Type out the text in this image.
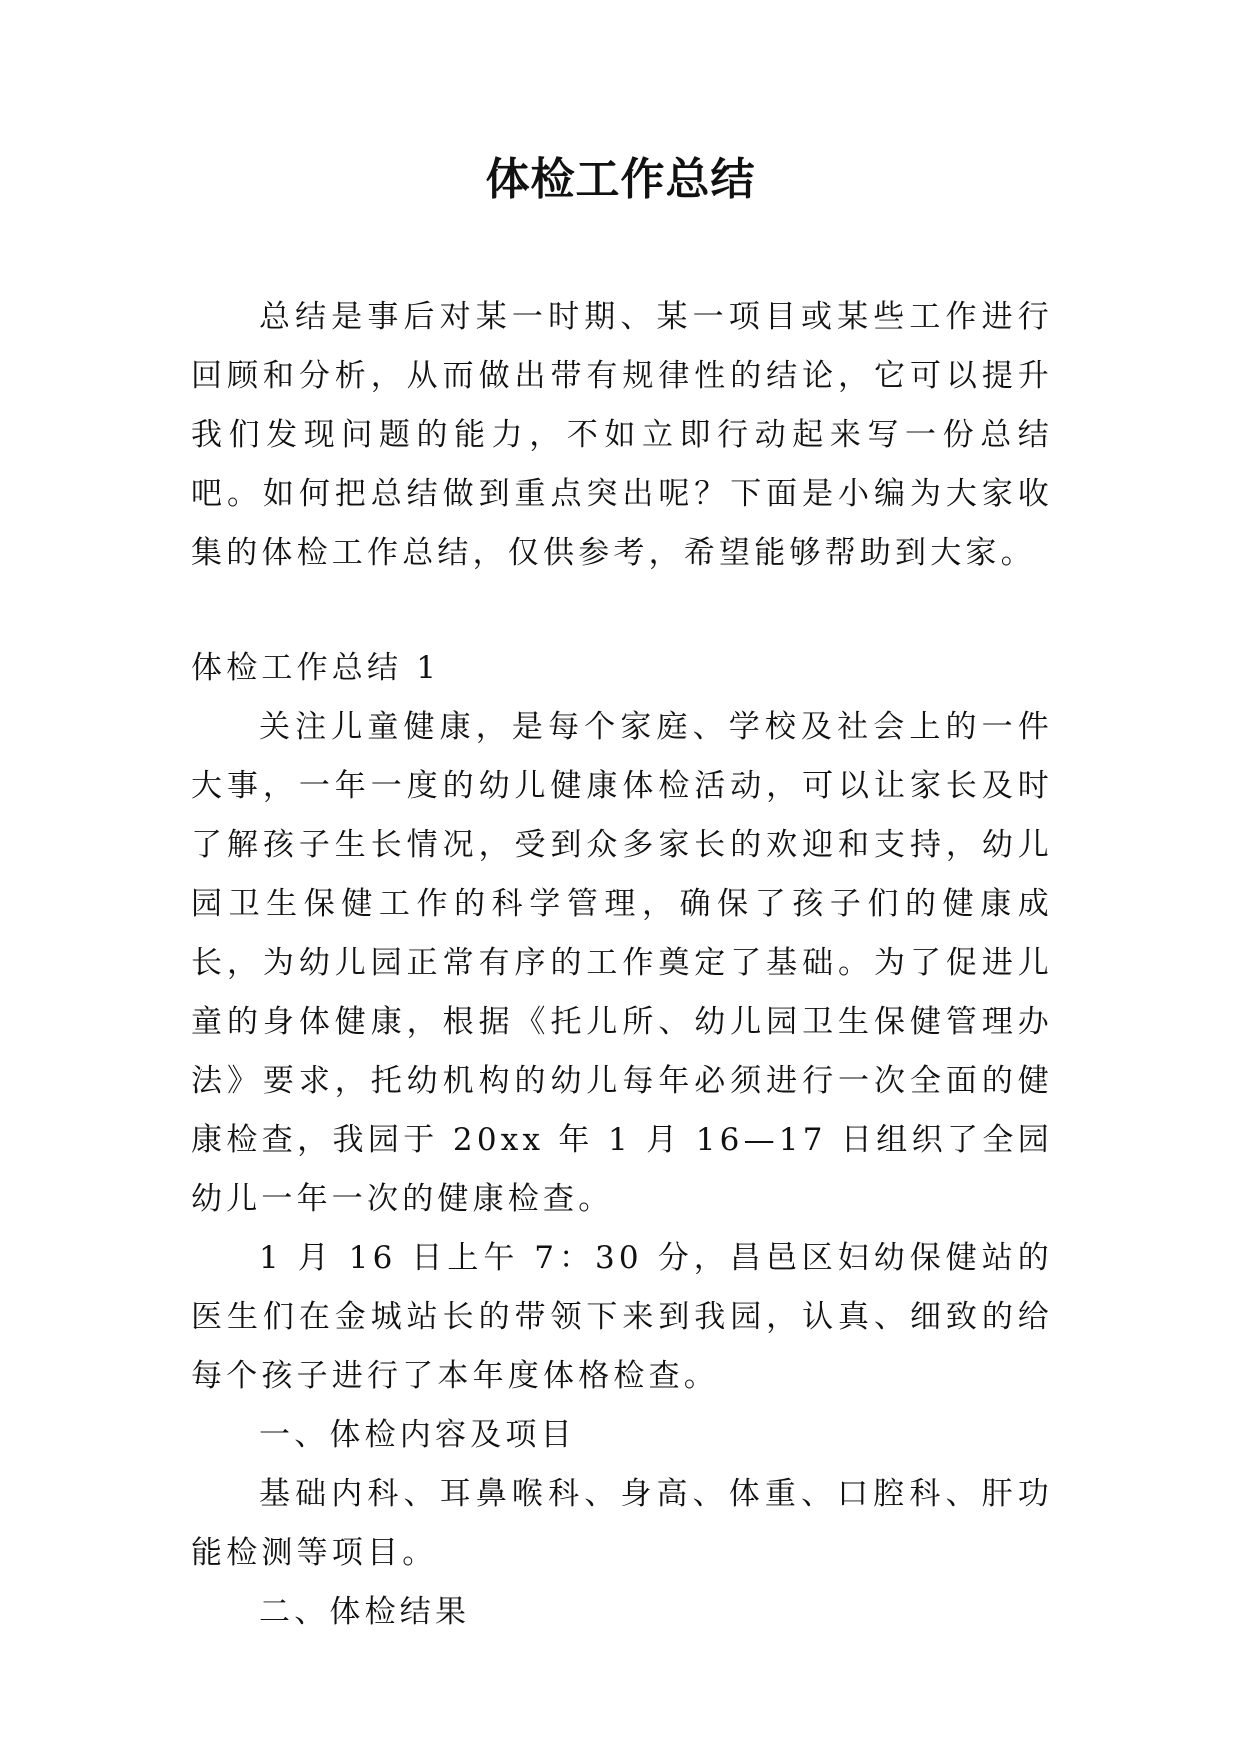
体检工作总结

总结是事后对某一时期、某一项目或某些工作进行回顾和分析，从而做出带有规律性的结论，它可以提升我们发现问题的能力，不如立即行动起来写一份总结吧。如何把总结做到重点突出呢？下面是小编为大家收集的体检工作总结，仅供参考，希望能够帮助到大家。

体检工作总结 1

关注儿童健康，是每个家庭、学校及社会上的一件大事，一年一度的幼儿健康体检活动，可以让家长及时了解孩子生长情况，受到众多家长的欢迎和支持，幼儿园卫生保健工作的科学管理，确保了孩子们的健康成长，为幼儿园正常有序的工作奠定了基础。为了促进儿童的身体健康，根据《托儿所、幼儿园卫生保健管理办法》要求，托幼机构的幼儿每年必须进行一次全面的健康检查，我园于 20xx 年 1 月 16—17 日组织了全园幼儿一年一次的健康检查。

1 月 16 日上午 7：30 分，昌邑区妇幼保健站的医生们在金城站长的带领下来到我园，认真、细致的给每个孩子进行了本年度体格检查。

一、体检内容及项目

基础内科、耳鼻喉科、身高、体重、口腔科、肝功能检测等项目。

二、体检结果
